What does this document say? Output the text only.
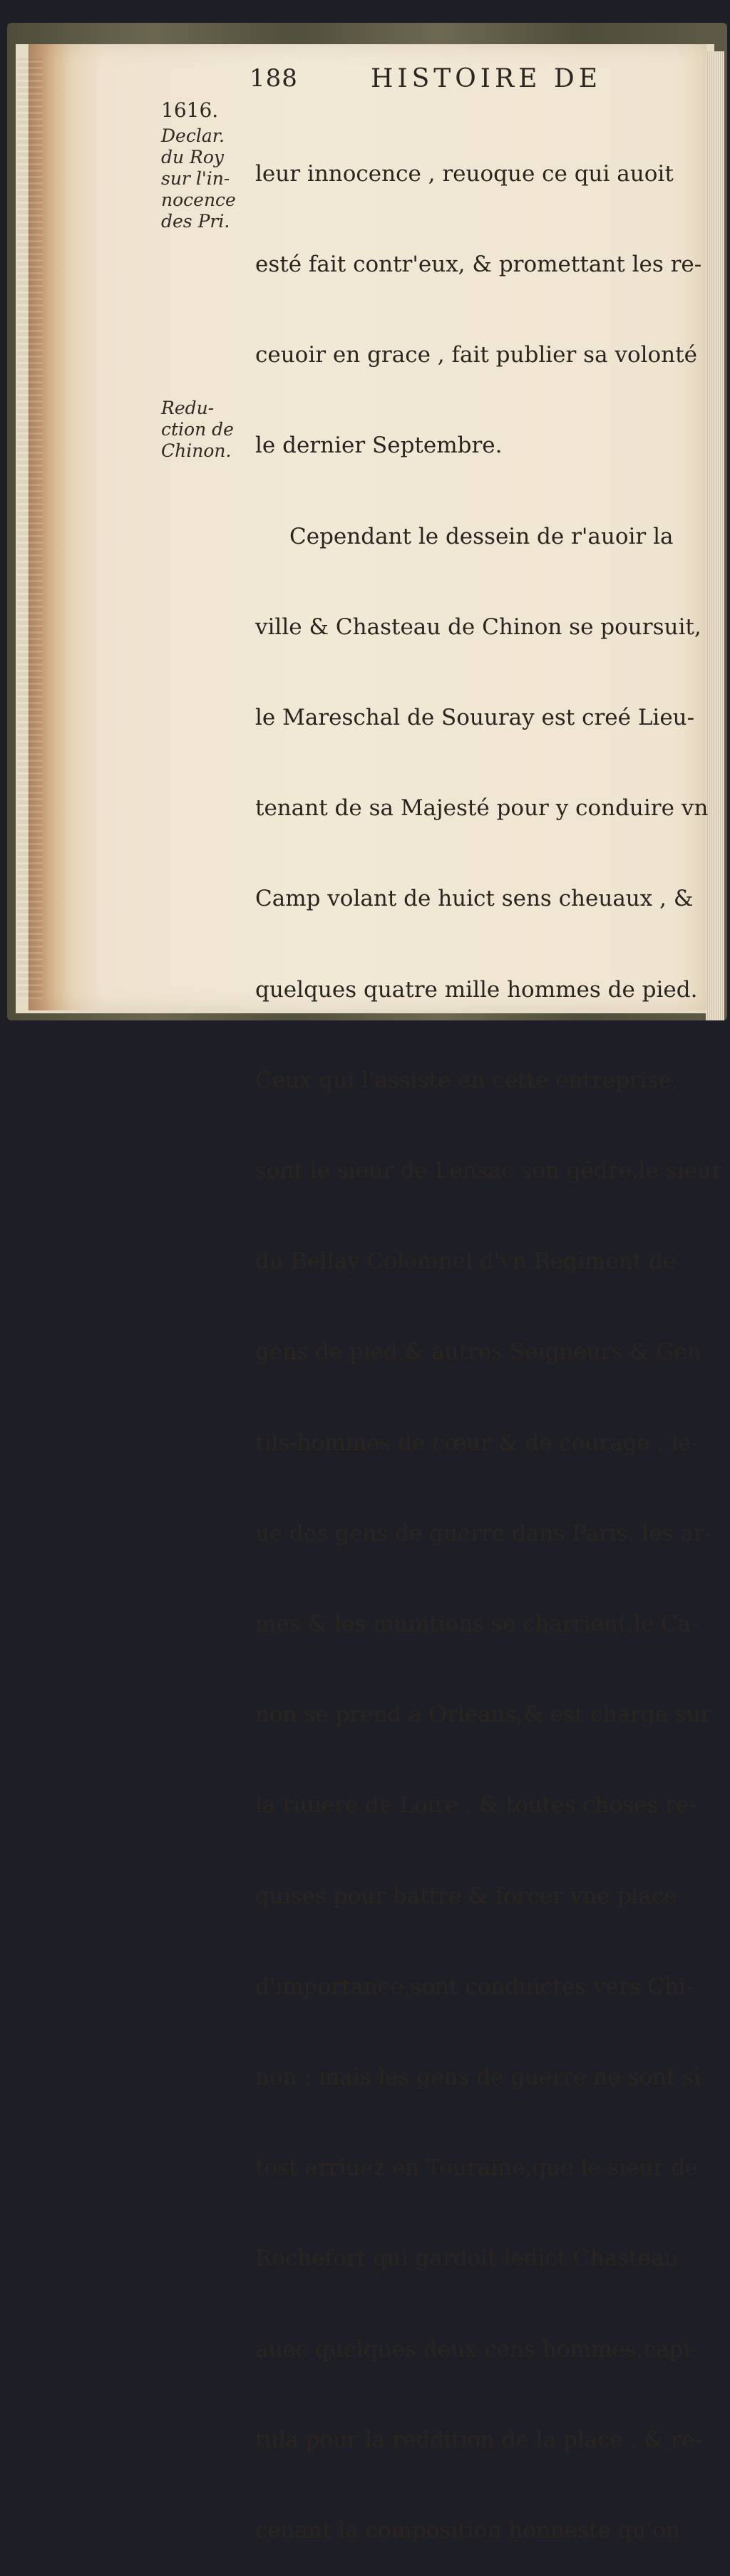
188	HISTOIRE DE
1616.
Declar.
du Roy
sur l'in-
nocence
des Pri.
Redu-
ction de
Chinon.

leur innocence , reuoque ce qui auoit

esté fait contr'eux, & promettant les re-

ceuoir en grace , fait publier sa volonté

le dernier Septembre.

Cependant le dessein de r'auoir la

ville & Chasteau de Chinon se poursuit,

le Mareschal de Souuray est creé Lieu-

tenant de sa Majesté pour y conduire vn

Camp volant de huict sens cheuaux , &

quelques quatre mille hommes de pied.

Ceux qui l'assiste en cette entreprise,

sont le sieur de Lensac son gēdre,le sieur

du Bellay Colomnel d'vn Regiment de

gens de pied,& autres Seigneurs & Gen

tils-hommes de cœur & de courage , le-

ue des gens de guerre dans Paris, les ar-

mes & les munitions se charrient,le Ca-

non se prend à Orleans,& est chargé sur

la riuiere de Loire , & toutes choses re-

quises pour battre & forcer vne place

d'importance,sont conduictes vers Chi-

non : mais les gens de guerre ne sont si

tost arriuez en Touraine,que le sieur de

Rochefort qui gardoit ledict Chasteau

auec quelques deux cens hommes,capi-

tula pour la reddition de la place , & re-

ceuant la composition honneste qu'on
